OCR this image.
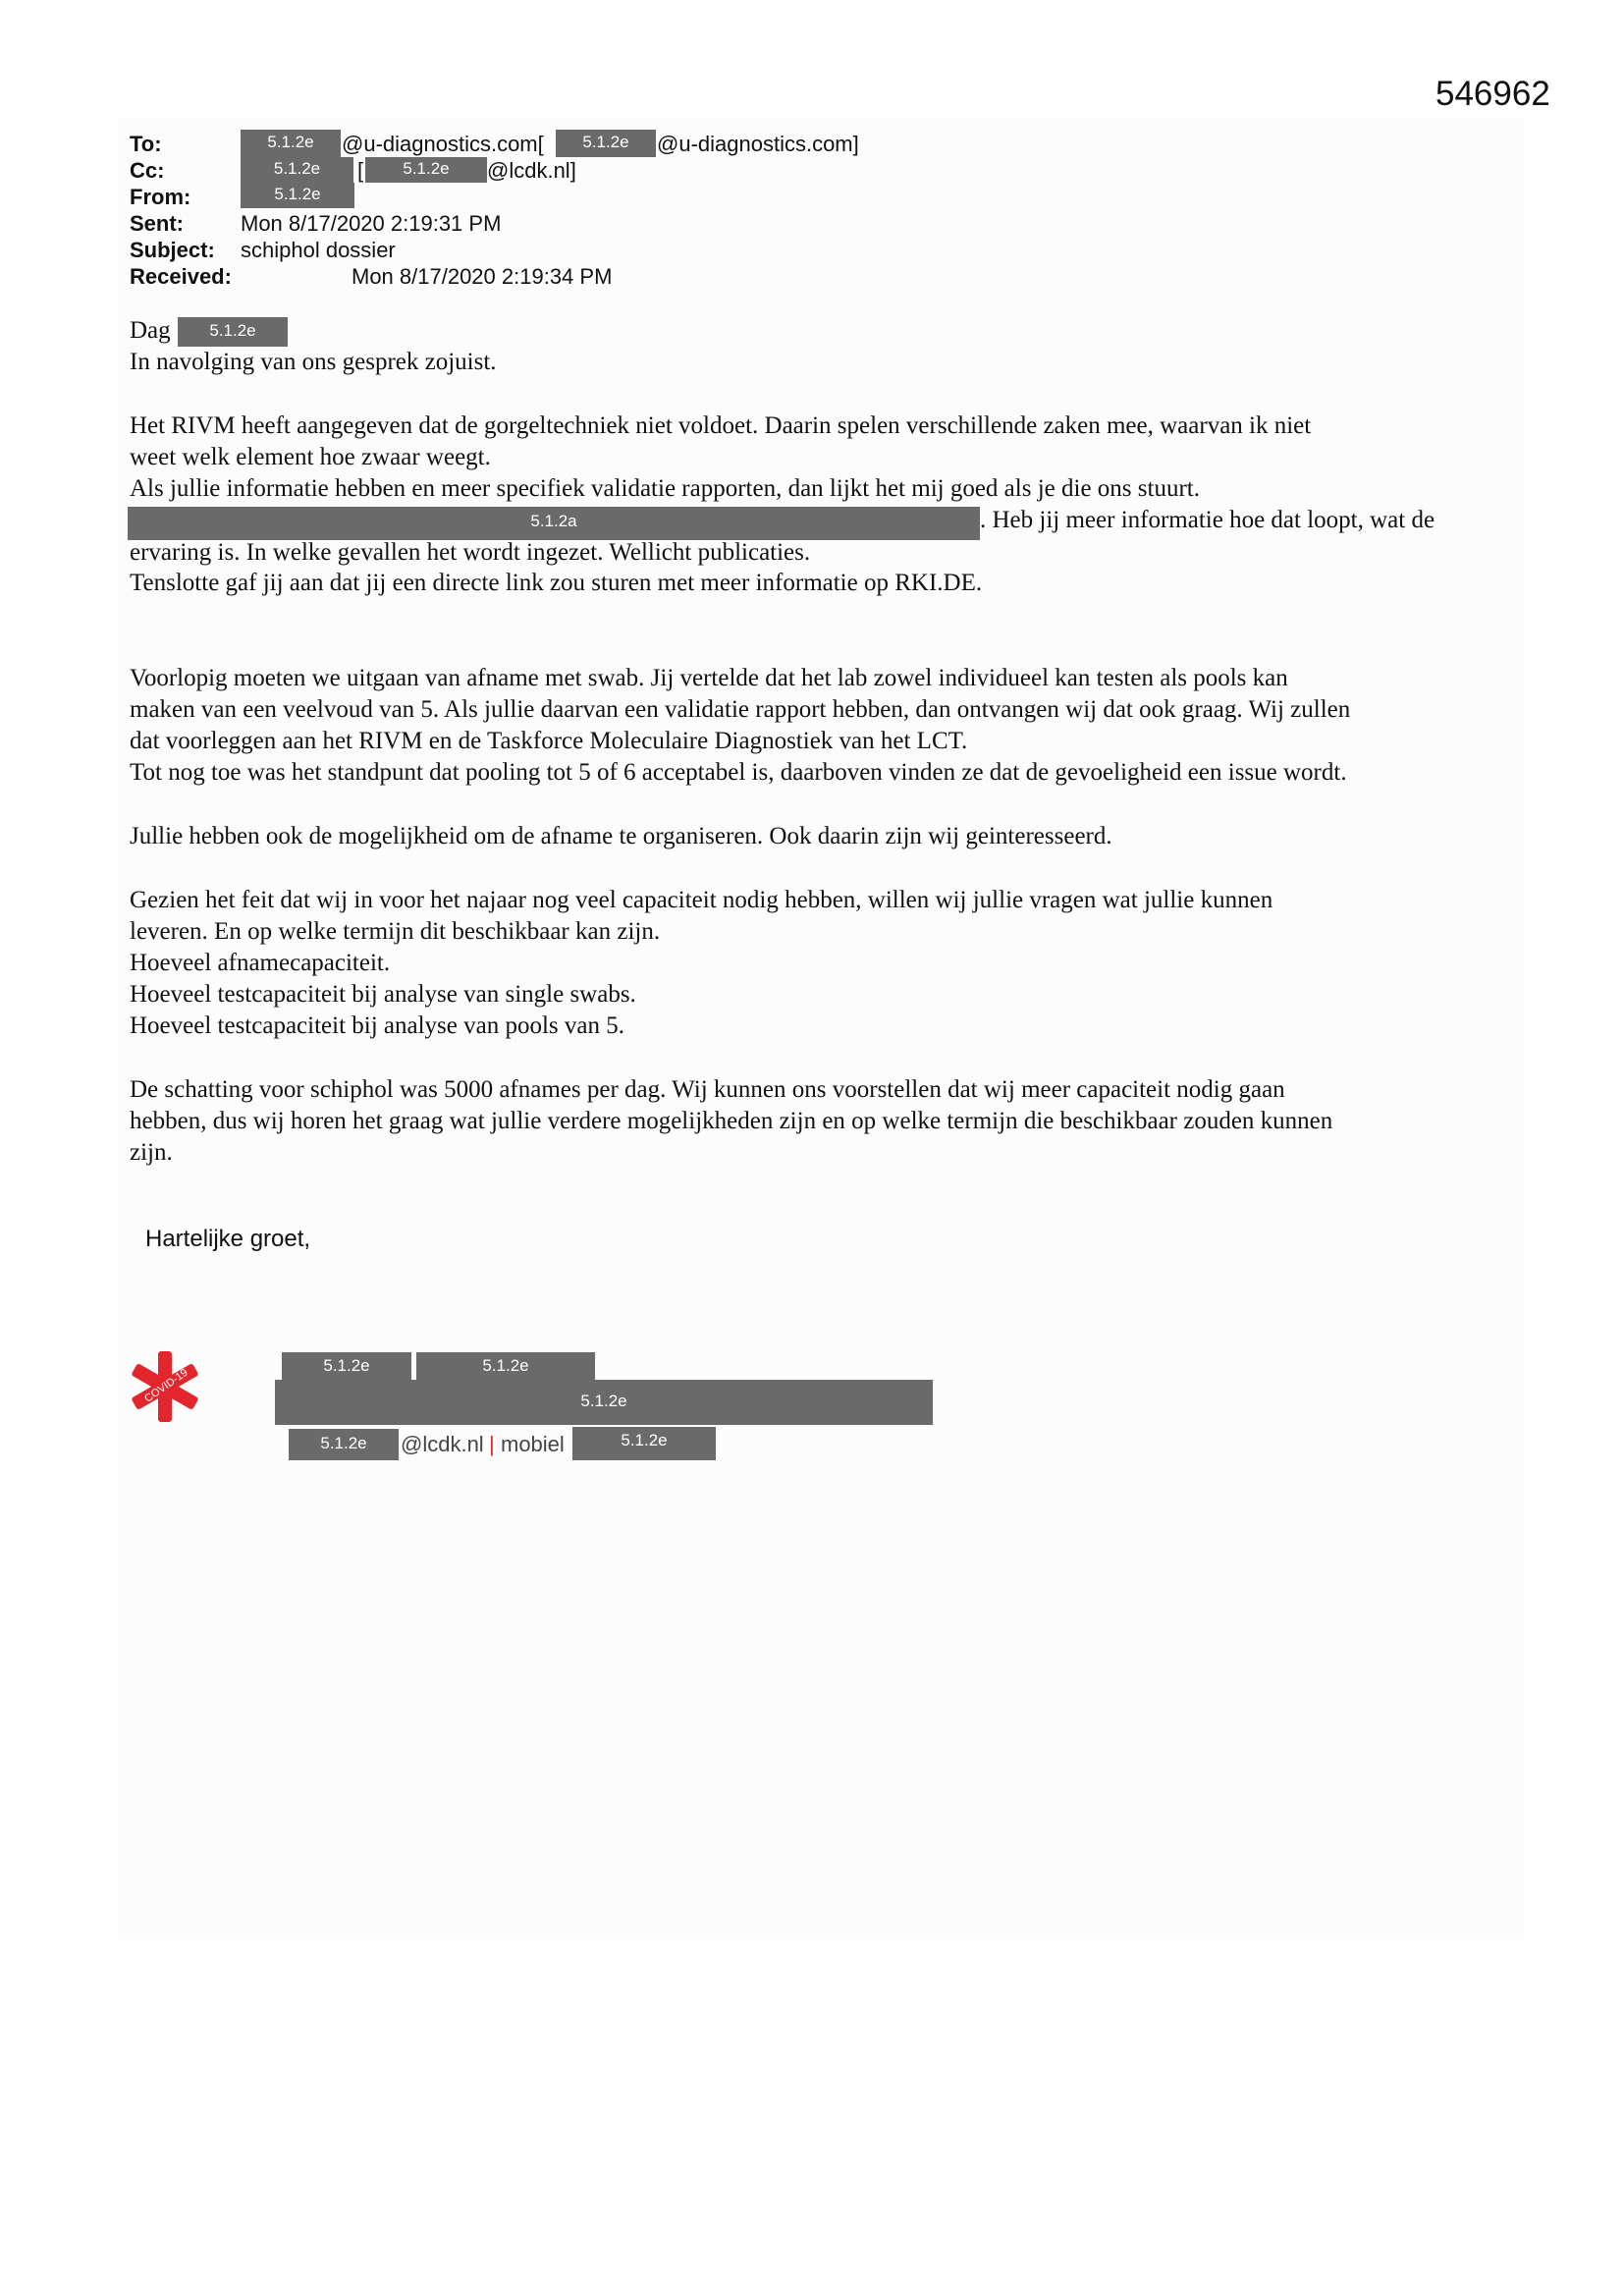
546962
To:	5.1.2e	@u-diagnostics.com[	5.1.2e	@u-diagnostics.com]
Cc:	5.1.2e	[	5.1.2e	@lcdk.nl]
From:	5.1.2e
Sent:	Mon 8/17/2020 2:19:31 PM
Subject: schiphol dossier
Received:	Mon 8/17/2020 2:19:34 PM
Dag	5.1.2e
In navolging van ons gesprek zojuist.
Het RIVM heeft aangegeven dat de gorgeltechniek niet voldoet. Daarin spelen verschillende zaken mee, waarvan ik niet
weet welk element hoe zwaar weegt.
Als jullie informatie hebben en meer specifiek validatie rapporten, dan lijkt het mij goed als je die ons stuurt.
5.1.2a	. Heb jij meer informatie hoe dat loopt, wat de
ervaring is. In welke gevallen het wordt ingezet. Wellicht publicaties.
Tenslotte gaf jij aan dat jij een directe link zou sturen met meer informatie op RKI.DE.
Voorlopig moeten we uitgaan van afname met swab. Jij vertelde dat het lab zowel individueel kan testen als pools kan
maken van een veelvoud van 5. Als jullie daarvan een validatie rapport hebben, dan ontvangen wij dat ook graag. Wij zullen
dat voorleggen aan het RIVM en de Taskforce Moleculaire Diagnostiek van het LCT.
Tot nog toe was het standpunt dat pooling tot 5 of 6 acceptabel is, daarboven vinden ze dat de gevoeligheid een issue wordt.
Jullie hebben ook de mogelijkheid om de afname te organiseren. Ook daarin zijn wij geinteresseerd.
Gezien het feit dat wij in voor het najaar nog veel capaciteit nodig hebben, willen wij jullie vragen wat jullie kunnen
leveren. En op welke termijn dit beschikbaar kan zijn.
Hoeveel afnamecapaciteit.
Hoeveel testcapaciteit bij analyse van single swabs.
Hoeveel testcapaciteit bij analyse van pools van 5.
De schatting voor schiphol was 5000 afnames per dag. Wij kunnen ons voorstellen dat wij meer capaciteit nodig gaan
hebben, dus wij horen het graag wat jullie verdere mogelijkheden zijn en op welke termijn die beschikbaar zouden kunnen
zijn.
Hartelijke groet,
COVID-19
5.1.2e	5.1.2e
5.1.2e
5.1.2e	@lcdk.nl | mobiel	5.1.2e
